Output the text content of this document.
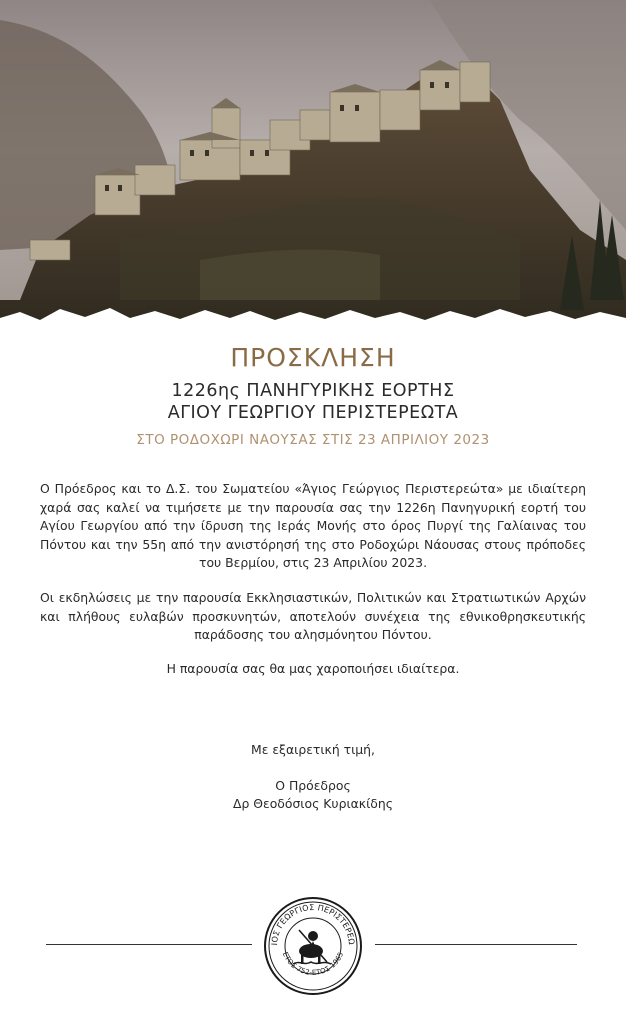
ΠΡΟΣΚΛΗΣΗ
1226ης ΠΑΝΗΓΥΡΙΚΗΣ ΕΟΡΤΗΣ
ΑΓΙΟΥ ΓΕΩΡΓΙΟΥ ΠΕΡΙΣΤΕΡΕΩΤΑ
ΣΤΟ ΡΟΔΟΧΩΡΙ ΝΑΟΥΣΑΣ ΣΤΙΣ 23 ΑΠΡΙΛΙΟΥ 2023
Ο Πρόεδρος και το Δ.Σ. του Σωματείου «Άγιος Γεώργιος Περιστερεώτα» με ιδιαίτερη χαρά σας καλεί να τιμήσετε με την παρουσία σας την 1226η Πανηγυρική εορτή του Αγίου Γεωργίου από την ίδρυση της Ιεράς Μονής στο όρος Πυργί της Γαλίαινας του Πόντου και την 55η από την ανιστόρησή της στο Ροδοχώρι Νάουσας στους πρόποδες του Βερμίου, στις 23 Απριλίου 2023.
Οι εκδηλώσεις με την παρουσία Εκκλησιαστικών, Πολιτικών και Στρατιωτικών Αρχών και πλήθους ευλαβών προσκυνητών, αποτελούν συνέχεια της εθνικοθρησκευτικής παράδοσης του αλησμόνητου Πόντου.
Η παρουσία σας θα μας χαροποιήσει ιδιαίτερα.
Με εξαιρετική τιμή,
Ο Πρόεδρος
Δρ Θεοδόσιος Κυριακίδης
ΙΟΣ ΓΕΩΡΓΙΟΣ ΠΕΡΙΣΤΕΡΕΩ
ΕΤΟΣ 752-ΕΤΟΣ 1965
